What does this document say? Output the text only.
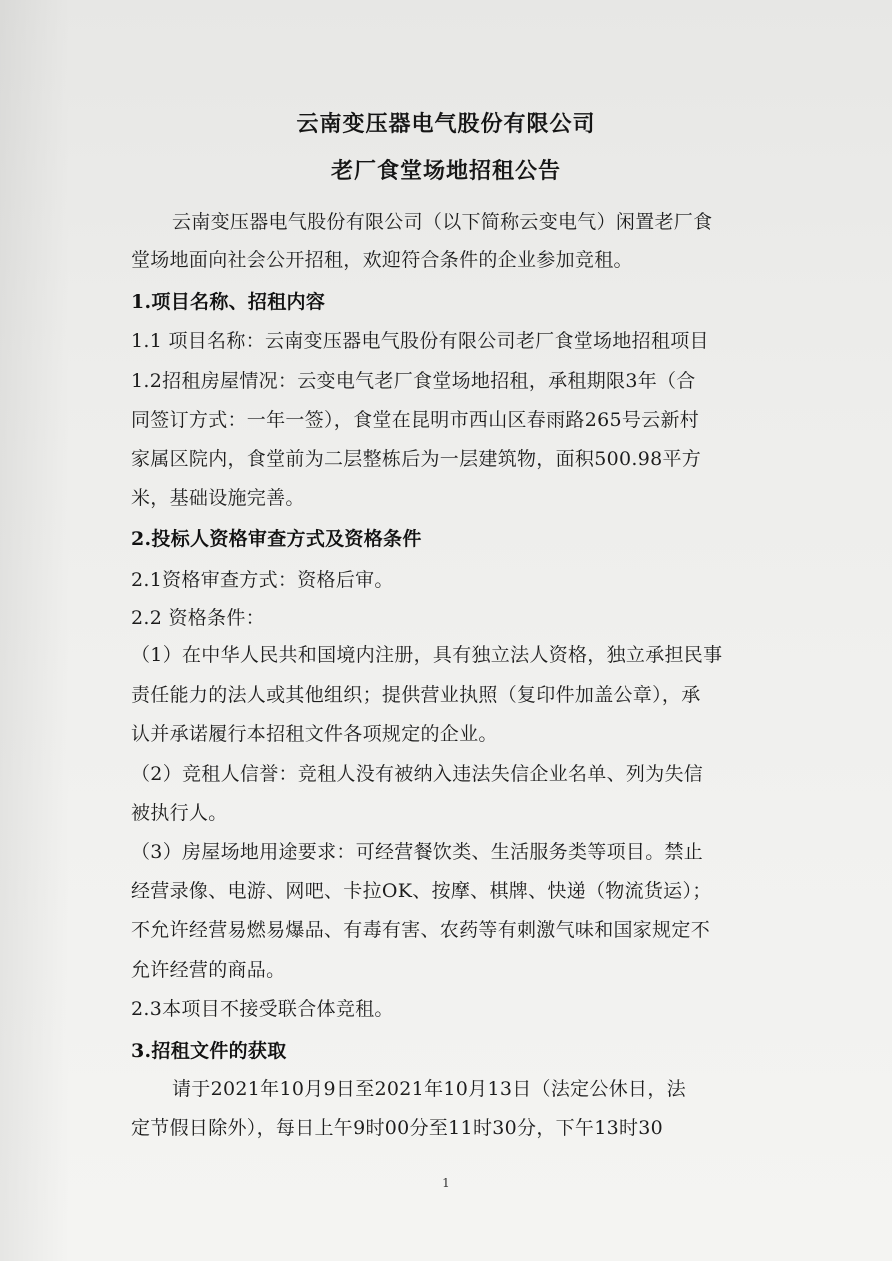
云南变压器电气股份有限公司
老厂食堂场地招租公告
云南变压器电气股份有限公司（以下简称云变电气）闲置老厂食
堂场地面向社会公开招租，欢迎符合条件的企业参加竞租。
1.项目名称、招租内容
1.1 项目名称：云南变压器电气股份有限公司老厂食堂场地招租项目
1.2招租房屋情况：云变电气老厂食堂场地招租，承租期限3年（合
同签订方式：一年一签），食堂在昆明市西山区春雨路265号云新村
家属区院内，食堂前为二层整栋后为一层建筑物，面积500.98平方
米，基础设施完善。
2.投标人资格审查方式及资格条件
2.1资格审查方式：资格后审。
2.2 资格条件：
（1）在中华人民共和国境内注册，具有独立法人资格，独立承担民事
责任能力的法人或其他组织；提供营业执照（复印件加盖公章），承
认并承诺履行本招租文件各项规定的企业。
（2）竞租人信誉：竞租人没有被纳入违法失信企业名单、列为失信
被执行人。
（3）房屋场地用途要求：可经营餐饮类、生活服务类等项目。禁止
经营录像、电游、网吧、卡拉OK、按摩、棋牌、快递（物流货运）；
不允许经营易燃易爆品、有毒有害、农药等有刺激气味和国家规定不
允许经营的商品。
2.3本项目不接受联合体竞租。
3.招租文件的获取
请于2021年10月9日至2021年10月13日（法定公休日，法
定节假日除外），每日上午9时00分至11时30分，下午13时30
1
